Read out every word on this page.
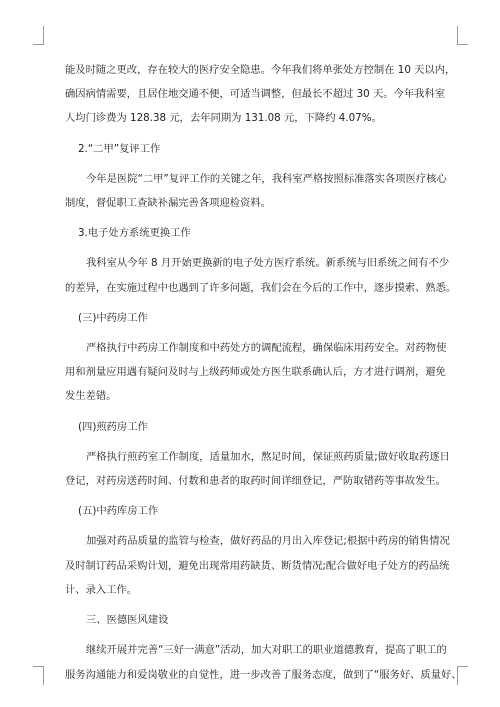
能及时随之更改，存在较大的医疗安全隐患。今年我们将单张处方控制在 10 天以内，
确因病情需要，且居住地交通不便，可适当调整，但最长不超过 30 天。今年我科室
人均门诊费为 128.38 元，去年同期为 131.08 元，下降约 4.07%。
2.“二甲”复评工作
今年是医院“二甲”复评工作的关键之年，我科室严格按照标准落实各项医疗核心
制度，督促职工查缺补漏完善各项迎检资料。
3.电子处方系统更换工作
我科室从今年 8 月开始更换新的电子处方医疗系统。新系统与旧系统之间有不少
的差异，在实施过程中也遇到了许多问题，我们会在今后的工作中，逐步摸索、熟悉。
(三)中药房工作
严格执行中药房工作制度和中药处方的调配流程，确保临床用药安全。对药物使
用和剂量应用遇有疑问及时与上级药师或处方医生联系确认后，方才进行调剂，避免
发生差错。
(四)煎药房工作
严格执行煎药室工作制度，适量加水，熬足时间，保证煎药质量;做好收取药逐日
登记，对药房送药时间、付数和患者的取药时间详细登记，严防取错药等事故发生。
(五)中药库房工作
加强对药品质量的监管与检查，做好药品的月出入库登记;根据中药房的销售情况
及时制订药品采购计划，避免出现常用药缺货、断货情况;配合做好电子处方的药品统
计、录入工作。
三、医德医风建设
继续开展并完善“三好一满意”活动，加大对职工的职业道德教育，提高了职工的
服务沟通能力和爱岗敬业的自觉性，进一步改善了服务态度，做到了“服务好、质量好、
